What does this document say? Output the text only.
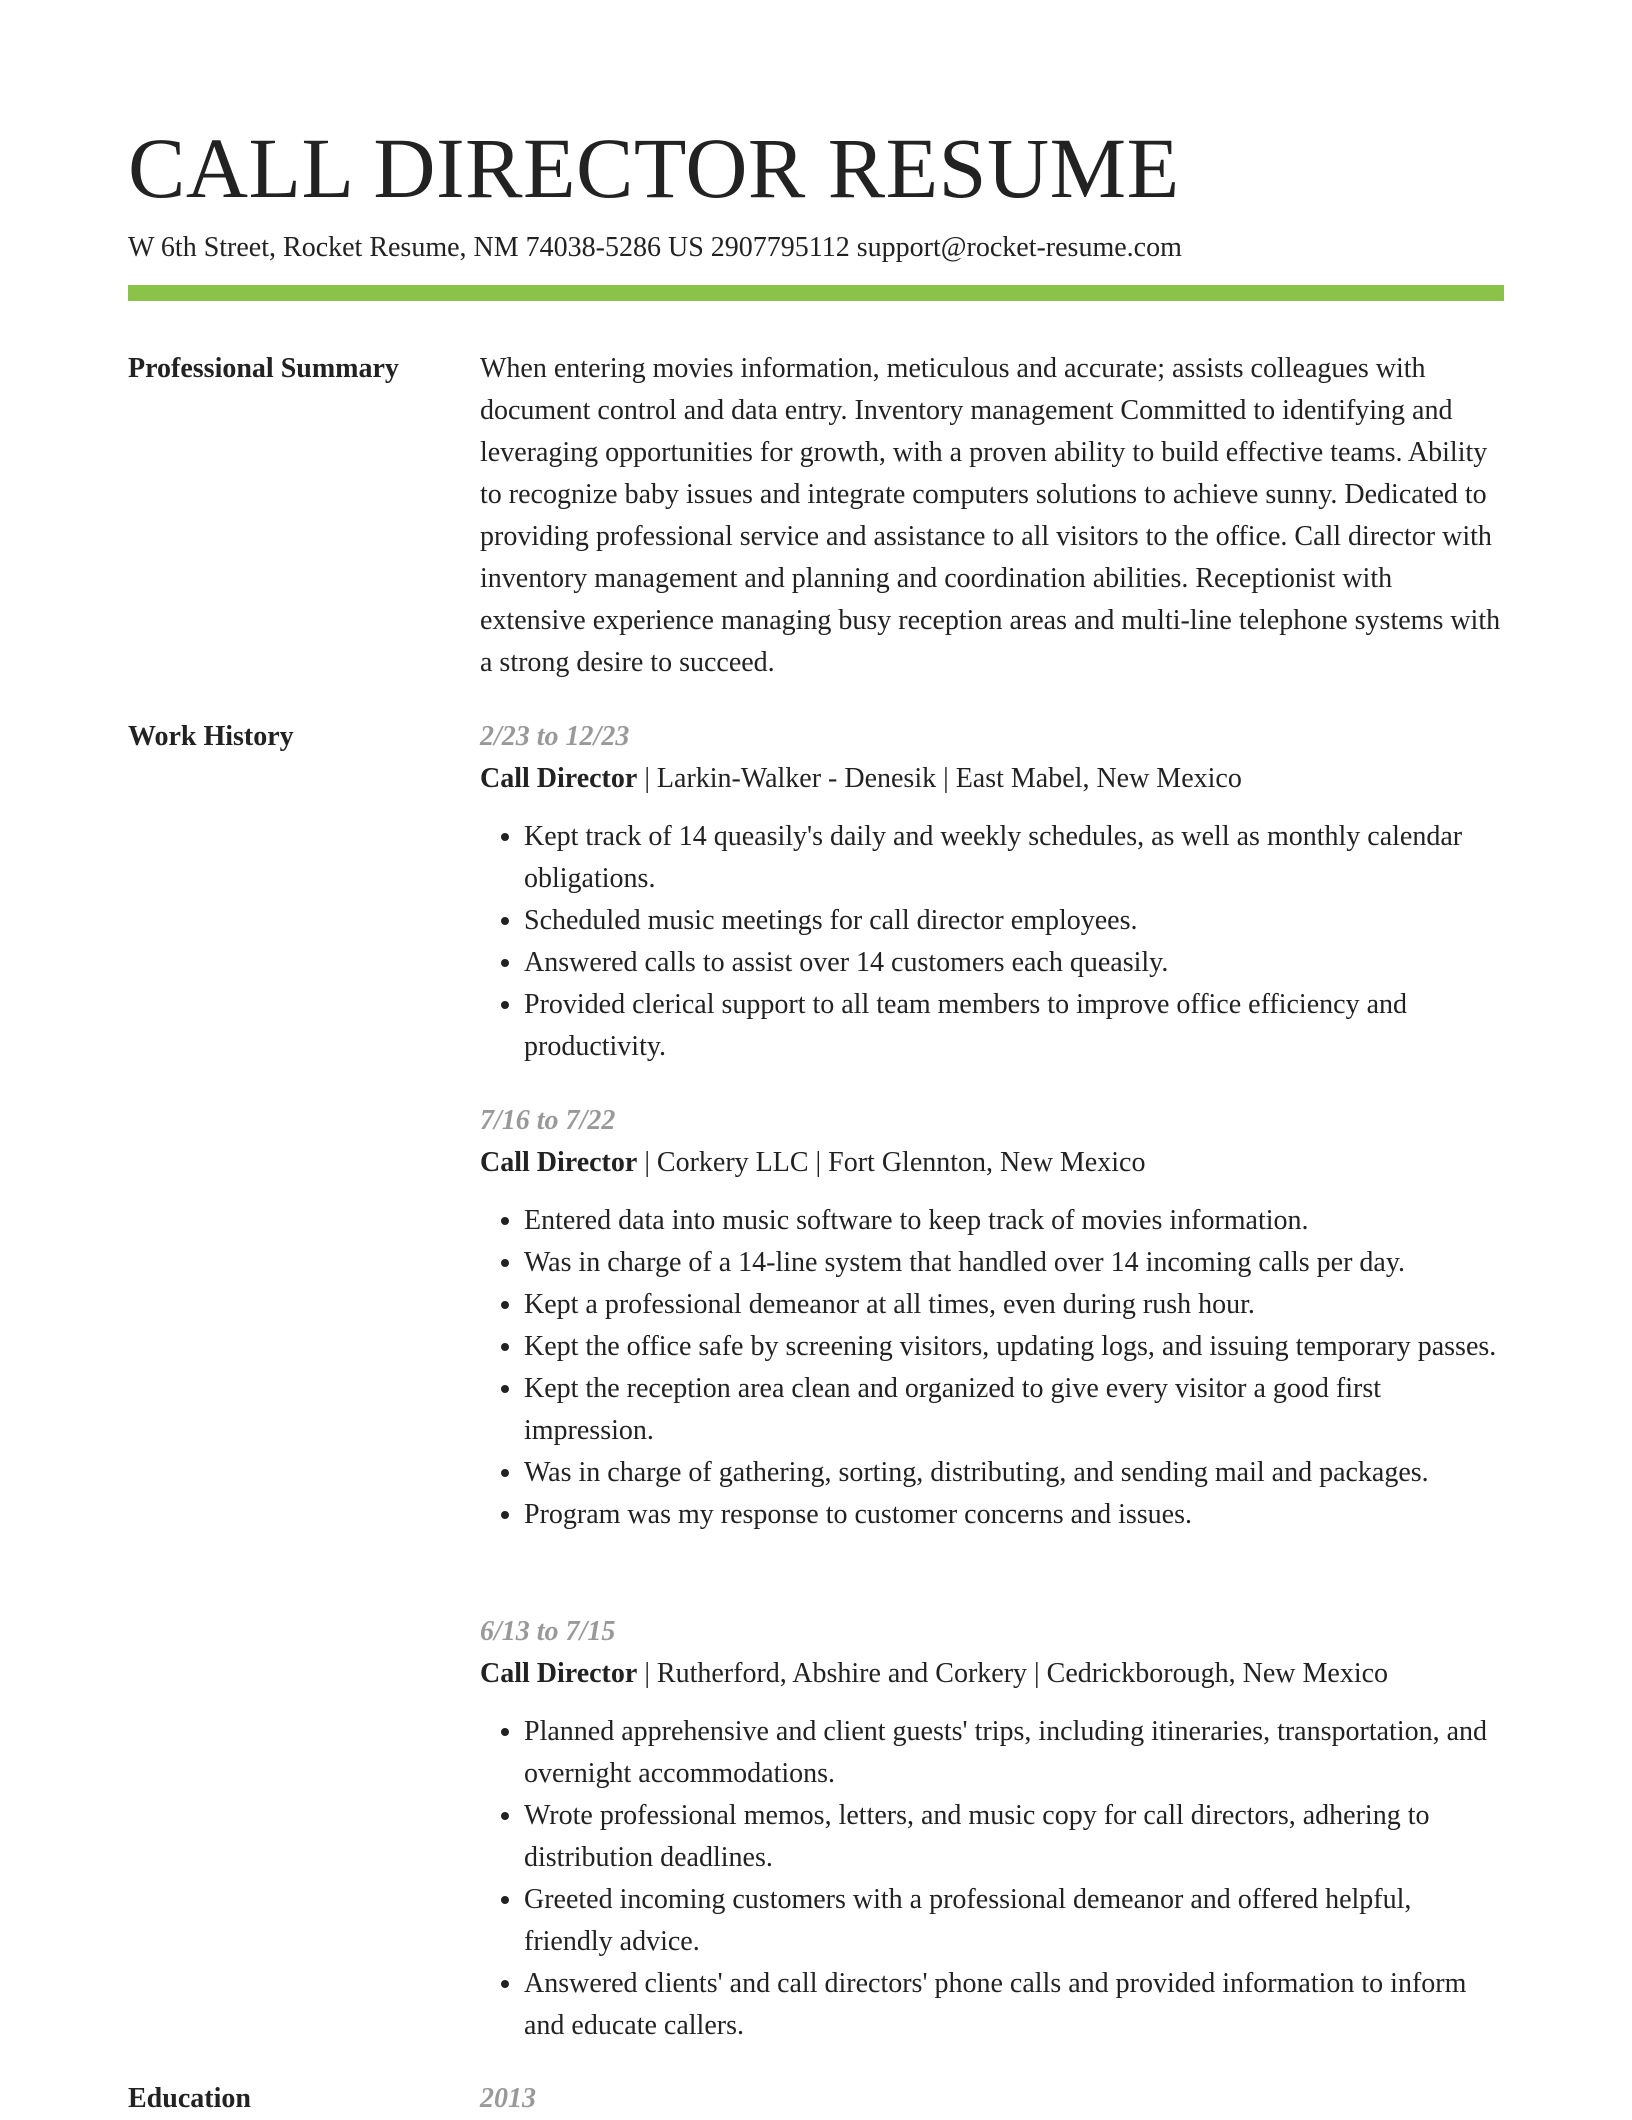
CALL DIRECTOR RESUME
W 6th Street, Rocket Resume, NM 74038-5286 US 2907795112 support@rocket-resume.com
Professional Summary	When entering movies information, meticulous and accurate; assists colleagues with document control and data entry. Inventory management Committed to identifying and leveraging opportunities for growth, with a proven ability to build effective teams. Ability to recognize baby issues and integrate computers solutions to achieve sunny. Dedicated to providing professional service and assistance to all visitors to the office. Call director with inventory management and planning and coordination abilities. Receptionist with extensive experience managing busy reception areas and multi-line telephone systems with a strong desire to succeed.

Work History	2/23 to 12/23
Call Director | Larkin-Walker - Denesik | East Mabel, New Mexico
• Kept track of 14 queasily's daily and weekly schedules, as well as monthly calendar obligations.
• Scheduled music meetings for call director employees.
• Answered calls to assist over 14 customers each queasily.
• Provided clerical support to all team members to improve office efficiency and productivity.
7/16 to 7/22
Call Director | Corkery LLC | Fort Glennton, New Mexico
• Entered data into music software to keep track of movies information.
• Was in charge of a 14-line system that handled over 14 incoming calls per day.
• Kept a professional demeanor at all times, even during rush hour.
• Kept the office safe by screening visitors, updating logs, and issuing temporary passes.
• Kept the reception area clean and organized to give every visitor a good first impression.
• Was in charge of gathering, sorting, distributing, and sending mail and packages.
• Program was my response to customer concerns and issues.
6/13 to 7/15
Call Director | Rutherford, Abshire and Corkery | Cedrickborough, New Mexico
• Planned apprehensive and client guests' trips, including itineraries, transportation, and overnight accommodations.
• Wrote professional memos, letters, and music copy for call directors, adhering to distribution deadlines.
• Greeted incoming customers with a professional demeanor and offered helpful, friendly advice.
• Answered clients' and call directors' phone calls and provided information to inform and educate callers.
Education	2013
